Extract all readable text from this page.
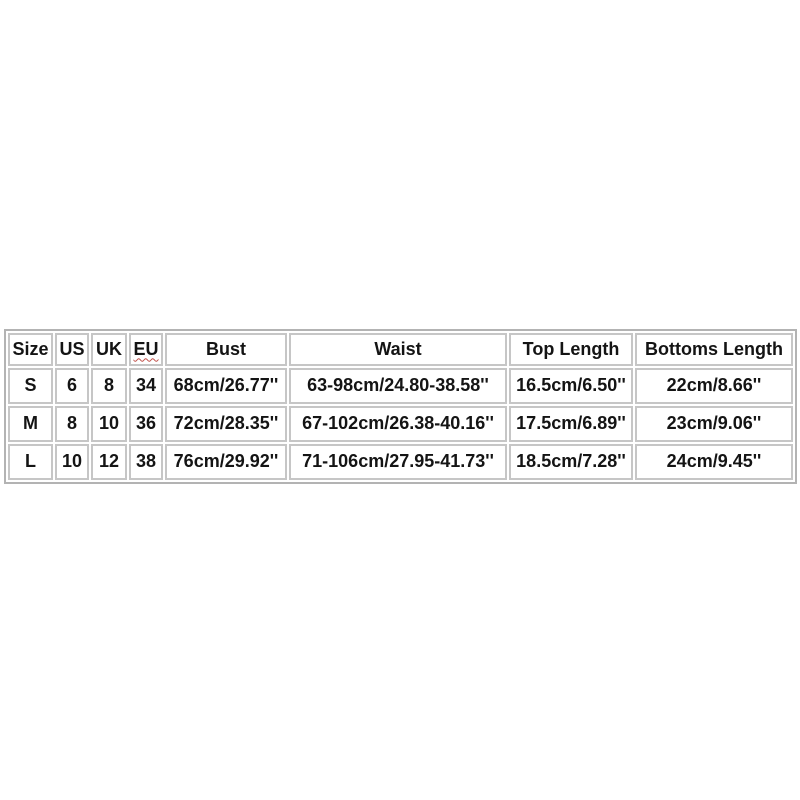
Size	US	UK	EU	Bust	Waist	Top Length	Bottoms Length
S	6	8	34	68cm/26.77''	63-98cm/24.80-38.58''	16.5cm/6.50''	22cm/8.66''
M	8	10	36	72cm/28.35''	67-102cm/26.38-40.16''	17.5cm/6.89''	23cm/9.06''
L	10	12	38	76cm/29.92''	71-106cm/27.95-41.73''	18.5cm/7.28''	24cm/9.45''
